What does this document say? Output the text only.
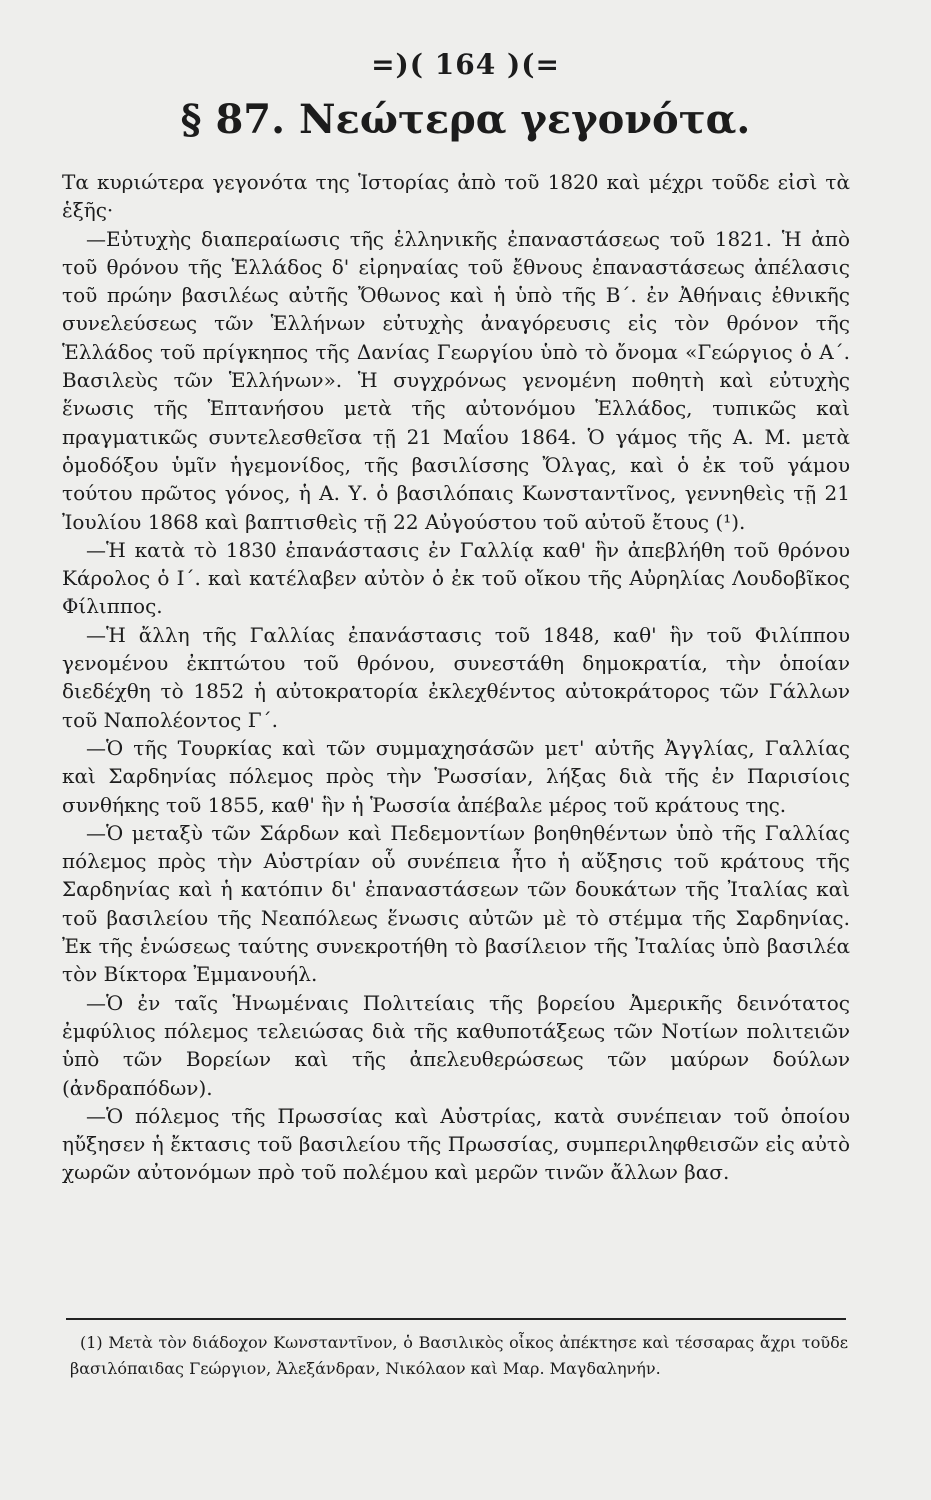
=)( 164 )(=
§ 87. Νεώτερα γεγονότα.

Τα κυριώτερα γεγονότα της Ἱστορίας ἀπὸ τοῦ 1820 καὶ μέχρι τοῦδε εἰσὶ τὰ ἑξῆς·

—Εὐτυχὴς διαπεραίωσις τῆς ἑλληνικῆς ἐπαναστάσεως τοῦ 1821. Ἡ ἀπὸ τοῦ θρόνου τῆς Ἑλλάδος δ' εἰρηναίας τοῦ ἔθνους ἐπαναστάσεως ἀπέλασις τοῦ πρώην βασιλέως αὐτῆς Ὄθωνος καὶ ἡ ὑπὸ τῆς Β΄. ἐν Ἀθήναις ἐθνικῆς συνελεύσεως τῶν Ἑλλήνων εὐτυχὴς ἀναγόρευσις εἰς τὸν θρόνον τῆς Ἑλλάδος τοῦ πρίγκηπος τῆς Δανίας Γεωργίου ὑπὸ τὸ ὄνομα «Γεώργιος ὁ Α΄. Βασιλεὺς τῶν Ἑλλήνων». Ἡ συγχρόνως γενομένη ποθητὴ καὶ εὐτυχὴς ἕνωσις τῆς Ἑπτανήσου μετὰ τῆς αὐτονόμου Ἑλλάδος, τυπικῶς καὶ πραγματικῶς συντελεσθεῖσα τῇ 21 Μαΐου 1864. Ὁ γάμος τῆς Α. Μ. μετὰ ὁμοδόξου ὑμῖν ἡγεμονίδος, τῆς βασιλίσσης Ὄλγας, καὶ ὁ ἐκ τοῦ γάμου τούτου πρῶτος γόνος, ἡ Α. Υ. ὁ βασιλόπαις Κωνσταντῖνος, γεννηθεὶς τῇ 21 Ἰουλίου 1868 καὶ βαπτισθεὶς τῇ 22 Αὐγούστου τοῦ αὐτοῦ ἔτους (¹).

—Ἡ κατὰ τὸ 1830 ἐπανάστασις ἐν Γαλλίᾳ καθ' ἣν ἀπεβλήθη τοῦ θρόνου Κάρολος ὁ Ι΄. καὶ κατέλαβεν αὐτὸν ὁ ἐκ τοῦ οἴκου τῆς Αὐρηλίας Λουδοβῖκος Φίλιππος.

—Ἡ ἄλλη τῆς Γαλλίας ἐπανάστασις τοῦ 1848, καθ' ἣν τοῦ Φιλίππου γενομένου ἐκπτώτου τοῦ θρόνου, συνεστάθη δημοκρατία, τὴν ὁποίαν διεδέχθη τὸ 1852 ἡ αὐτοκρατορία ἐκλεχθέντος αὐτοκράτορος τῶν Γάλλων τοῦ Ναπολέοντος Γ΄.

—Ὁ τῆς Τουρκίας καὶ τῶν συμμαχησάσῶν μετ' αὐτῆς Ἀγγλίας, Γαλλίας καὶ Σαρδηνίας πόλεμος πρὸς τὴν Ῥωσσίαν, λήξας διὰ τῆς ἐν Παρισίοις συνθήκης τοῦ 1855, καθ' ἣν ἡ Ῥωσσία ἀπέβαλε μέρος τοῦ κράτους της.

—Ὁ μεταξὺ τῶν Σάρδων καὶ Πεδεμοντίων βοηθηθέντων ὑπὸ τῆς Γαλλίας πόλεμος πρὸς τὴν Αὐστρίαν οὗ συνέπεια ἦτο ἡ αὔξησις τοῦ κράτους τῆς Σαρδηνίας καὶ ἡ κατόπιν δι' ἐπαναστάσεων τῶν δουκάτων τῆς Ἰταλίας καὶ τοῦ βασιλείου τῆς Νεαπόλεως ἕνωσις αὐτῶν μὲ τὸ στέμμα τῆς Σαρδηνίας. Ἐκ τῆς ἑνώσεως ταύτης συνεκροτήθη τὸ βασίλειον τῆς Ἰταλίας ὑπὸ βασιλέα τὸν Βίκτορα Ἐμμανουήλ.

—Ὁ ἐν ταῖς Ἡνωμέναις Πολιτείαις τῆς βορείου Ἀμερικῆς δεινότατος ἐμφύλιος πόλεμος τελειώσας διὰ τῆς καθυποτάξεως τῶν Νοτίων πολιτειῶν ὑπὸ τῶν Βορείων καὶ τῆς ἀπελευθερώσεως τῶν μαύρων δούλων (ἀνδραπόδων).

—Ὁ πόλεμος τῆς Πρωσσίας καὶ Αὐστρίας, κατὰ συνέπειαν τοῦ ὁποίου ηὔξησεν ἡ ἔκτασις τοῦ βασιλείου τῆς Πρωσσίας, συμπεριληφθεισῶν εἰς αὐτὸ χωρῶν αὐτονόμων πρὸ τοῦ πολέμου καὶ μερῶν τινῶν ἄλλων βασ.

(1) Μετὰ τὸν διάδοχον Κωνσταντῖνον, ὁ Βασιλικὸς οἶκος ἀπέκτησε καὶ τέσσαρας ἄχρι τοῦδε βασιλόπαιδας Γεώργιον, Ἀλεξάνδραν, Νικόλαον καὶ Μαρ. Μαγδαληνήν.
